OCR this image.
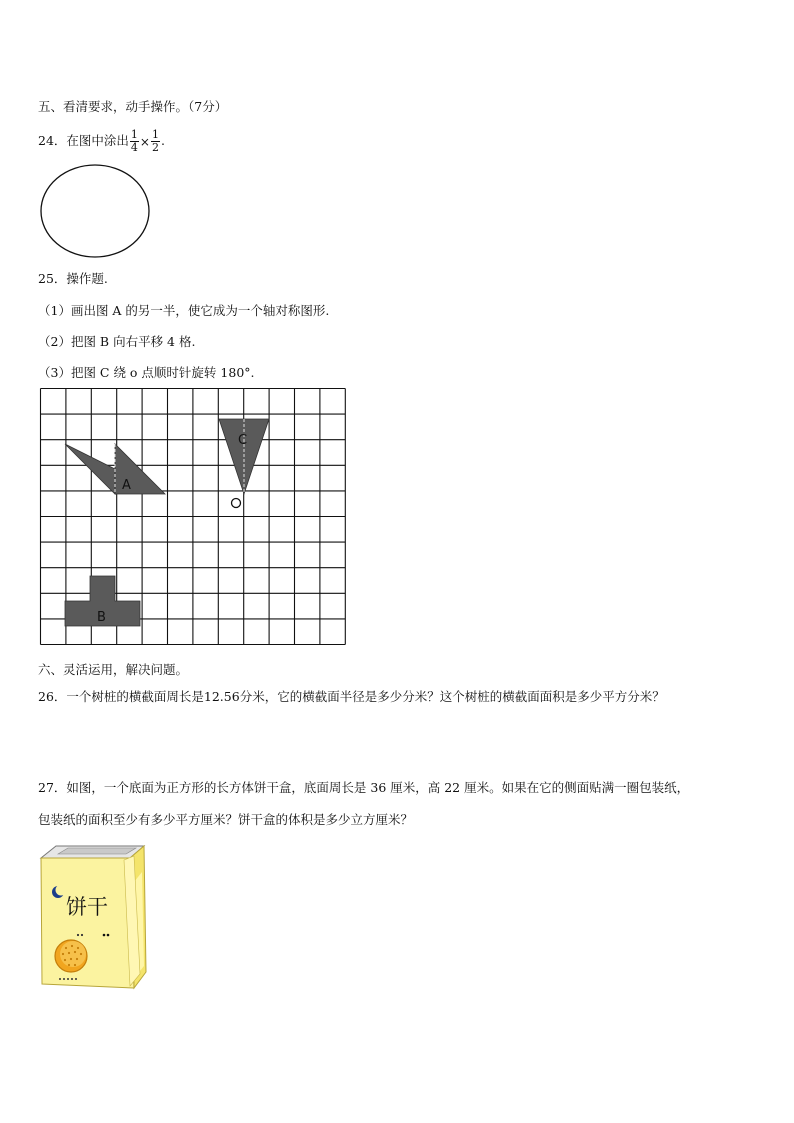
五、看清要求，动手操作。（7分）
24．在图中涂出 $\frac{1}{4} \times \frac{1}{2}$ .
25．操作题.
（1）画出图 A 的另一半，使它成为一个轴对称图形.
（2）把图 B 向右平移 4 格.
（3）把图 C 绕 o 点顺时针旋转 180°.
A
C
B
六、灵活运用，解决问题。
26．一个树桩的横截面周长是12.56分米，它的横截面半径是多少分米？这个树桩的横截面面积是多少平方分米？
27．如图，一个底面为正方形的长方体饼干盒，底面周长是 36 厘米，高 22 厘米。如果在它的侧面贴满一圈包装纸，
包装纸的面积至少有多少平方厘米？饼干盒的体积是多少立方厘米？
饼干
